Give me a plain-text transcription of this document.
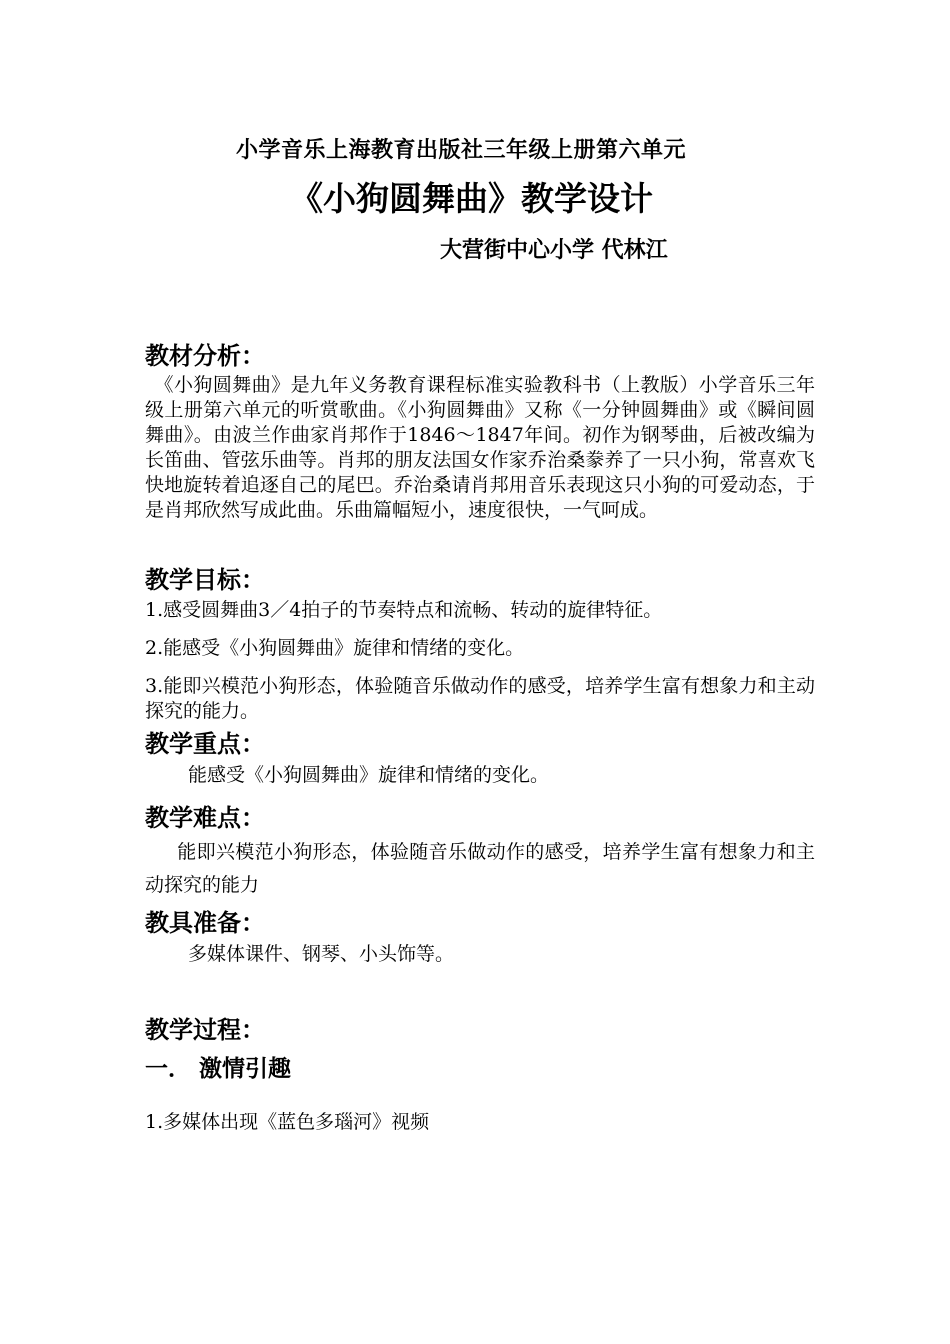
小学音乐上海教育出版社三年级上册第六单元
《小狗圆舞曲》教学设计
大营街中心小学 代林江
教材分析：
《小狗圆舞曲》是九年义务教育课程标准实验教科书（上教版）小学音乐三年级上册第六单元的听赏歌曲。《小狗圆舞曲》又称《一分钟圆舞曲》或《瞬间圆舞曲》。由波兰作曲家肖邦作于1846～1847年间。初作为钢琴曲，后被改编为长笛曲、管弦乐曲等。肖邦的朋友法国女作家乔治桑豢养了一只小狗，常喜欢飞快地旋转着追逐自己的尾巴。乔治桑请肖邦用音乐表现这只小狗的可爱动态，于是肖邦欣然写成此曲。乐曲篇幅短小，速度很快，一气呵成。
教学目标：
1.感受圆舞曲3／4拍子的节奏特点和流畅、转动的旋律特征。
2.能感受《小狗圆舞曲》旋律和情绪的变化。
3.能即兴模范小狗形态，体验随音乐做动作的感受，培养学生富有想象力和主动探究的能力。
教学重点：
能感受《小狗圆舞曲》旋律和情绪的变化。
教学难点：
能即兴模范小狗形态，体验随音乐做动作的感受，培养学生富有想象力和主动探究的能力
教具准备：
多媒体课件、钢琴、小头饰等。
教学过程：
一． 激情引趣
1.多媒体出现《蓝色多瑙河》视频
